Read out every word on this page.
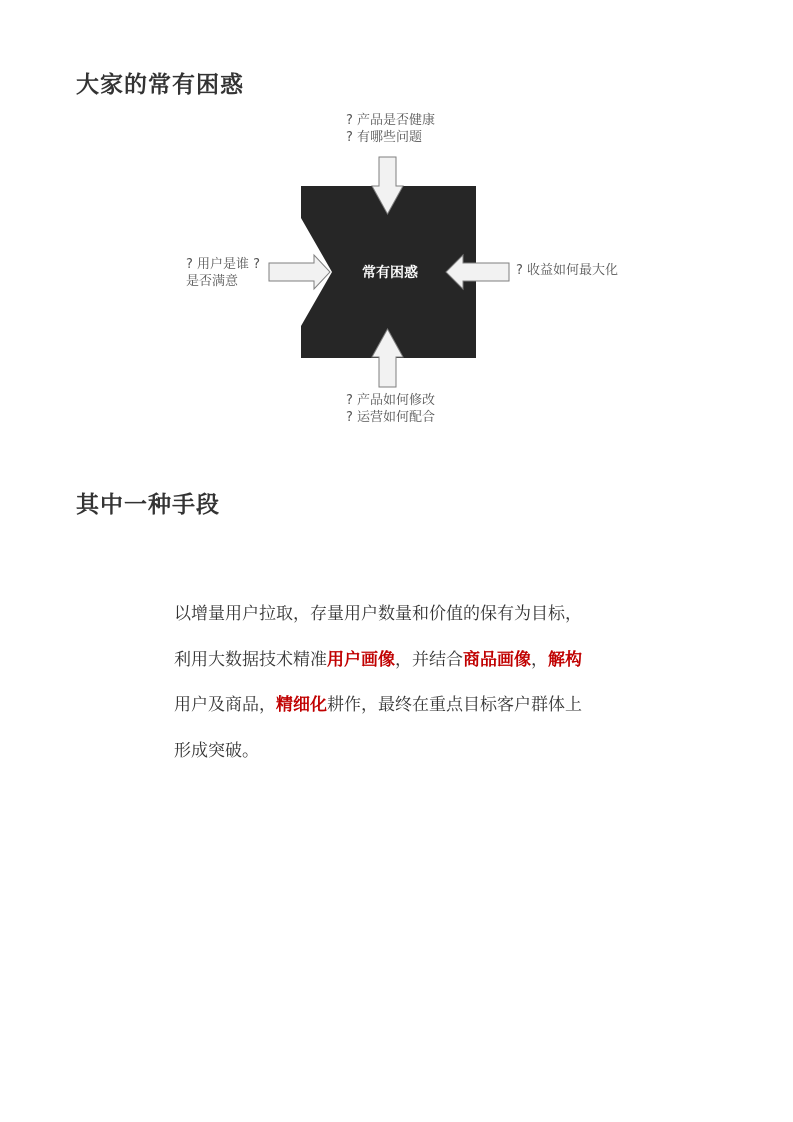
大家的常有困惑
? 产品是否健康
? 有哪些问题
? 用户是谁 ?
是否满意
? 收益如何最大化
? 产品如何修改
? 运营如何配合
常有困惑
其中一种手段

以增量用户拉取，存量用户数量和价值的保有为目标，利用大数据技术精准用户画像，并结合商品画像，解构用户及商品，精细化耕作，最终在重点目标客户群体上形成突破。
